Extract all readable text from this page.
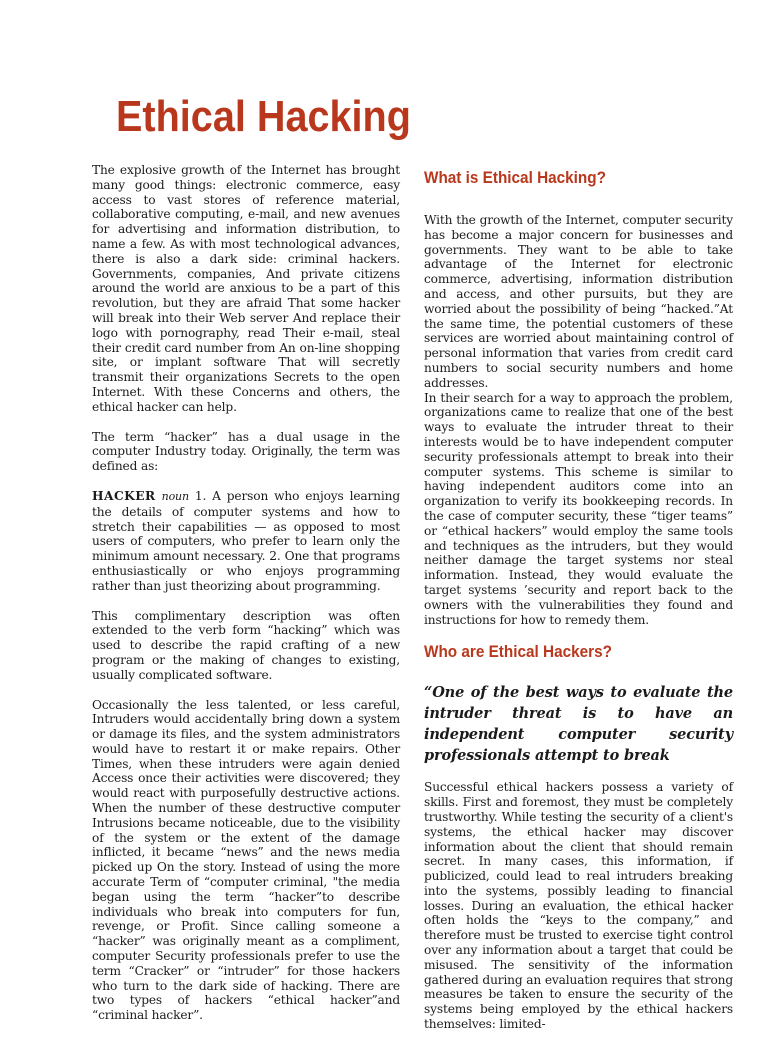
Ethical Hacking

The explosive growth of the Internet has brought many good things: electronic commerce, easy access to vast stores of reference material, collaborative computing, e-mail, and new avenues for advertising and information distribution, to name a few. As with most technological advances, there is also a dark side: criminal hackers. Governments, companies, And private citizens around the world are anxious to be a part of this revolution, but they are afraid That some hacker will break into their Web server And replace their logo with pornography, read Their e-mail, steal their credit card number from An on-line shopping site, or implant software That will secretly transmit their organizations Secrets to the open Internet. With these Concerns and others, the ethical hacker can help.

The term “hacker” has a dual usage in the computer Industry today. Originally, the term was defined as:

HACKER noun 1. A person who enjoys learning the details of computer systems and how to stretch their capabilities — as opposed to most users of computers, who prefer to learn only the minimum amount necessary. 2. One that programs enthusiastically or who enjoys programming rather than just theorizing about programming.

This complimentary description was often extended to the verb form “hacking” which was used to describe the rapid crafting of a new program or the making of changes to existing, usually complicated software.

Occasionally the less talented, or less careful, Intruders would accidentally bring down a system or damage its files, and the system administrators would have to restart it or make repairs. Other Times, when these intruders were again denied Access once their activities were discovered; they would react with purposefully destructive actions. When the number of these destructive computer Intrusions became noticeable, due to the visibility of the system or the extent of the damage inflicted, it became “news” and the news media picked up On the story. Instead of using the more accurate Term of “computer criminal, "the media began using the term “hacker”to describe individuals who break into computers for fun, revenge, or Profit. Since calling someone a “hacker” was originally meant as a compliment, computer Security professionals prefer to use the term “Cracker” or “intruder” for those hackers who turn to the dark side of hacking. There are two types of hackers “ethical hacker”and “criminal hacker”.

What is Ethical Hacking?

With the growth of the Internet, computer security has become a major concern for businesses and governments. They want to be able to take advantage of the Internet for electronic commerce, advertising, information distribution and access, and other pursuits, but they are worried about the possibility of being “hacked.”At the same time, the potential customers of these services are worried about maintaining control of personal information that varies from credit card numbers to social security numbers and home addresses.

In their search for a way to approach the problem, organizations came to realize that one of the best ways to evaluate the intruder threat to their interests would be to have independent computer security professionals attempt to break into their computer systems. This scheme is similar to having independent auditors come into an organization to verify its bookkeeping records. In the case of computer security, these “tiger teams” or “ethical hackers” would employ the same tools and techniques as the intruders, but they would neither damage the target systems nor steal information. Instead, they would evaluate the target systems ’security and report back to the owners with the vulnerabilities they found and instructions for how to remedy them.

Who are Ethical Hackers?

“One of the best ways to evaluate the intruder threat is to have an independent computer security professionals attempt to break

Successful ethical hackers possess a variety of skills. First and foremost, they must be completely trustworthy. While testing the security of a client's systems, the ethical hacker may discover information about the client that should remain secret. In many cases, this information, if publicized, could lead to real intruders breaking into the systems, possibly leading to financial losses. During an evaluation, the ethical hacker often holds the “keys to the company,” and therefore must be trusted to exercise tight control over any information about a target that could be misused. The sensitivity of the information gathered during an evaluation requires that strong measures be taken to ensure the security of the systems being employed by the ethical hackers themselves: limited-
